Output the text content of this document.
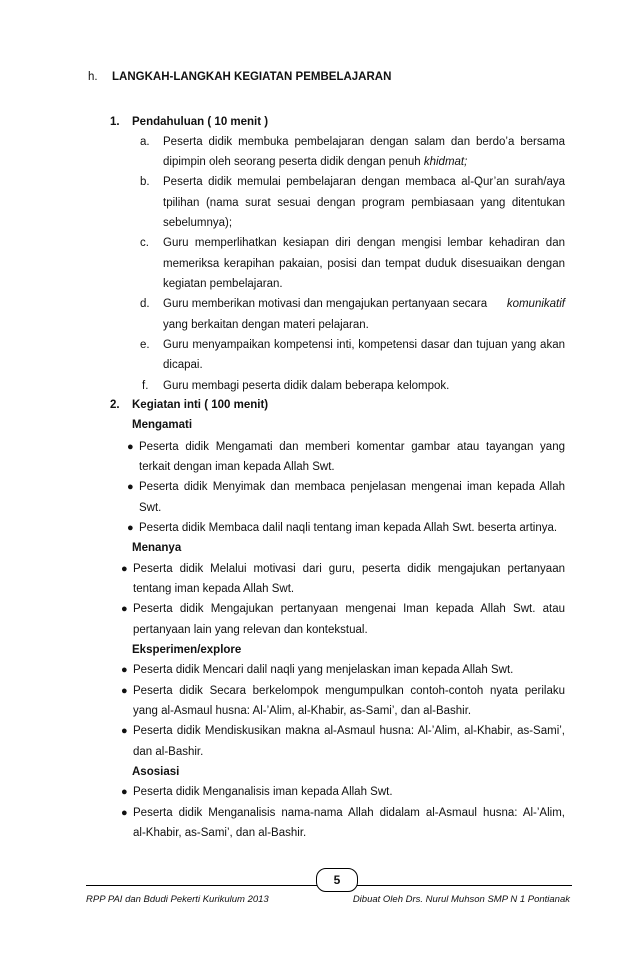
h. LANGKAH-LANGKAH KEGIATAN PEMBELAJARAN
1. Pendahuluan ( 10 menit )
a. Peserta didik membuka pembelajaran dengan salam dan berdo’a bersama
dipimpin oleh seorang peserta didik dengan penuh khidmat;
b. Peserta didik memulai pembelajaran dengan membaca al-Qur’an surah/aya
tpilihan (nama surat sesuai dengan program pembiasaan yang ditentukan
sebelumnya);
c. Guru memperlihatkan kesiapan diri dengan mengisi lembar kehadiran dan
memeriksa kerapihan pakaian, posisi dan tempat duduk disesuaikan dengan
kegiatan pembelajaran.
d. Guru memberikan motivasi dan mengajukan pertanyaan secara komunikatif
yang berkaitan dengan materi pelajaran.
e. Guru menyampaikan kompetensi inti, kompetensi dasar dan tujuan yang akan
dicapai.
f. Guru membagi peserta didik dalam beberapa kelompok.
2. Kegiatan inti ( 100 menit)
Mengamati
● Peserta didik Mengamati dan memberi komentar gambar atau tayangan yang
terkait dengan iman kepada Allah Swt.
● Peserta didik Menyimak dan membaca penjelasan mengenai iman kepada Allah
Swt.
● Peserta didik Membaca dalil naqli tentang iman kepada Allah Swt. beserta artinya.
Menanya
● Peserta didik Melalui motivasi dari guru, peserta didik mengajukan pertanyaan
tentang iman kepada Allah Swt.
● Peserta didik Mengajukan pertanyaan mengenai Iman kepada Allah Swt. atau
pertanyaan lain yang relevan dan kontekstual.
Eksperimen/explore
● Peserta didik Mencari dalil naqli yang menjelaskan iman kepada Allah Swt.
● Peserta didik Secara berkelompok mengumpulkan contoh-contoh nyata perilaku
yang al-Asmaul husna: Al-’Alim, al-Khabir, as-Sami’, dan al-Bashir.
● Peserta didik Mendiskusikan makna al-Asmaul husna: Al-’Alim, al-Khabir, as-Sami’,
dan al-Bashir.
Asosiasi
● Peserta didik Menganalisis iman kepada Allah Swt.
● Peserta didik Menganalisis nama-nama Allah didalam al-Asmaul husna: Al-’Alim,
al-Khabir, as-Sami’, dan al-Bashir.
5
RPP PAI dan Bdudi Pekerti Kurikulum 2013	Dibuat Oleh Drs. Nurul Muhson SMP N 1 Pontianak
